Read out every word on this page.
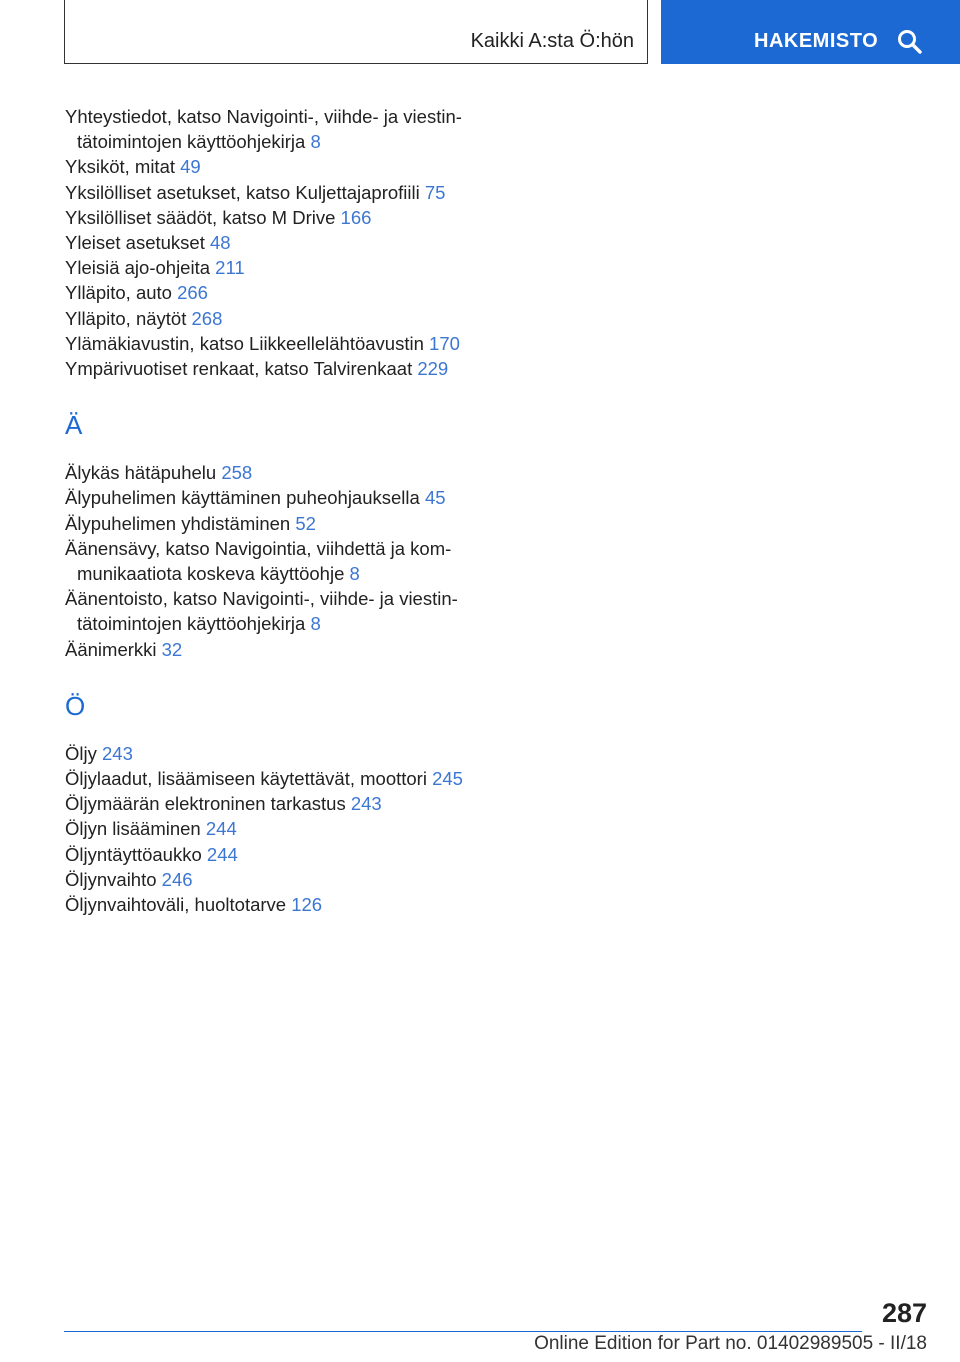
Kaikki A:sta Ö:hön	HAKEMISTO
Yhteystiedot, katso Navigointi-, viihde- ja viestin-
tätoimintojen käyttöohjekirja 8
Yksiköt, mitat 49
Yksilölliset asetukset, katso Kuljettajaprofiili 75
Yksilölliset säädöt, katso M Drive 166
Yleiset asetukset 48
Yleisiä ajo-ohjeita 211
Ylläpito, auto 266
Ylläpito, näytöt 268
Ylämäkiavustin, katso Liikkeellelähtöavustin 170
Ympärivuotiset renkaat, katso Talvirenkaat 229
Ä
Älykäs hätäpuhelu 258
Älypuhelimen käyttäminen puheohjauksella 45
Älypuhelimen yhdistäminen 52
Äänensävy, katso Navigointia, viihdettä ja kom-
munikaatiota koskeva käyttöohje 8
Äänentoisto, katso Navigointi-, viihde- ja viestin-
tätoimintojen käyttöohjekirja 8
Äänimerkki 32
Ö
Öljy 243
Öljylaadut, lisäämiseen käytettävät, moottori 245
Öljymäärän elektroninen tarkastus 243
Öljyn lisääminen 244
Öljyntäyttöaukko 244
Öljynvaihto 246
Öljynvaihtoväli, huoltotarve 126
287
Online Edition for Part no. 01402989505 - II/18
